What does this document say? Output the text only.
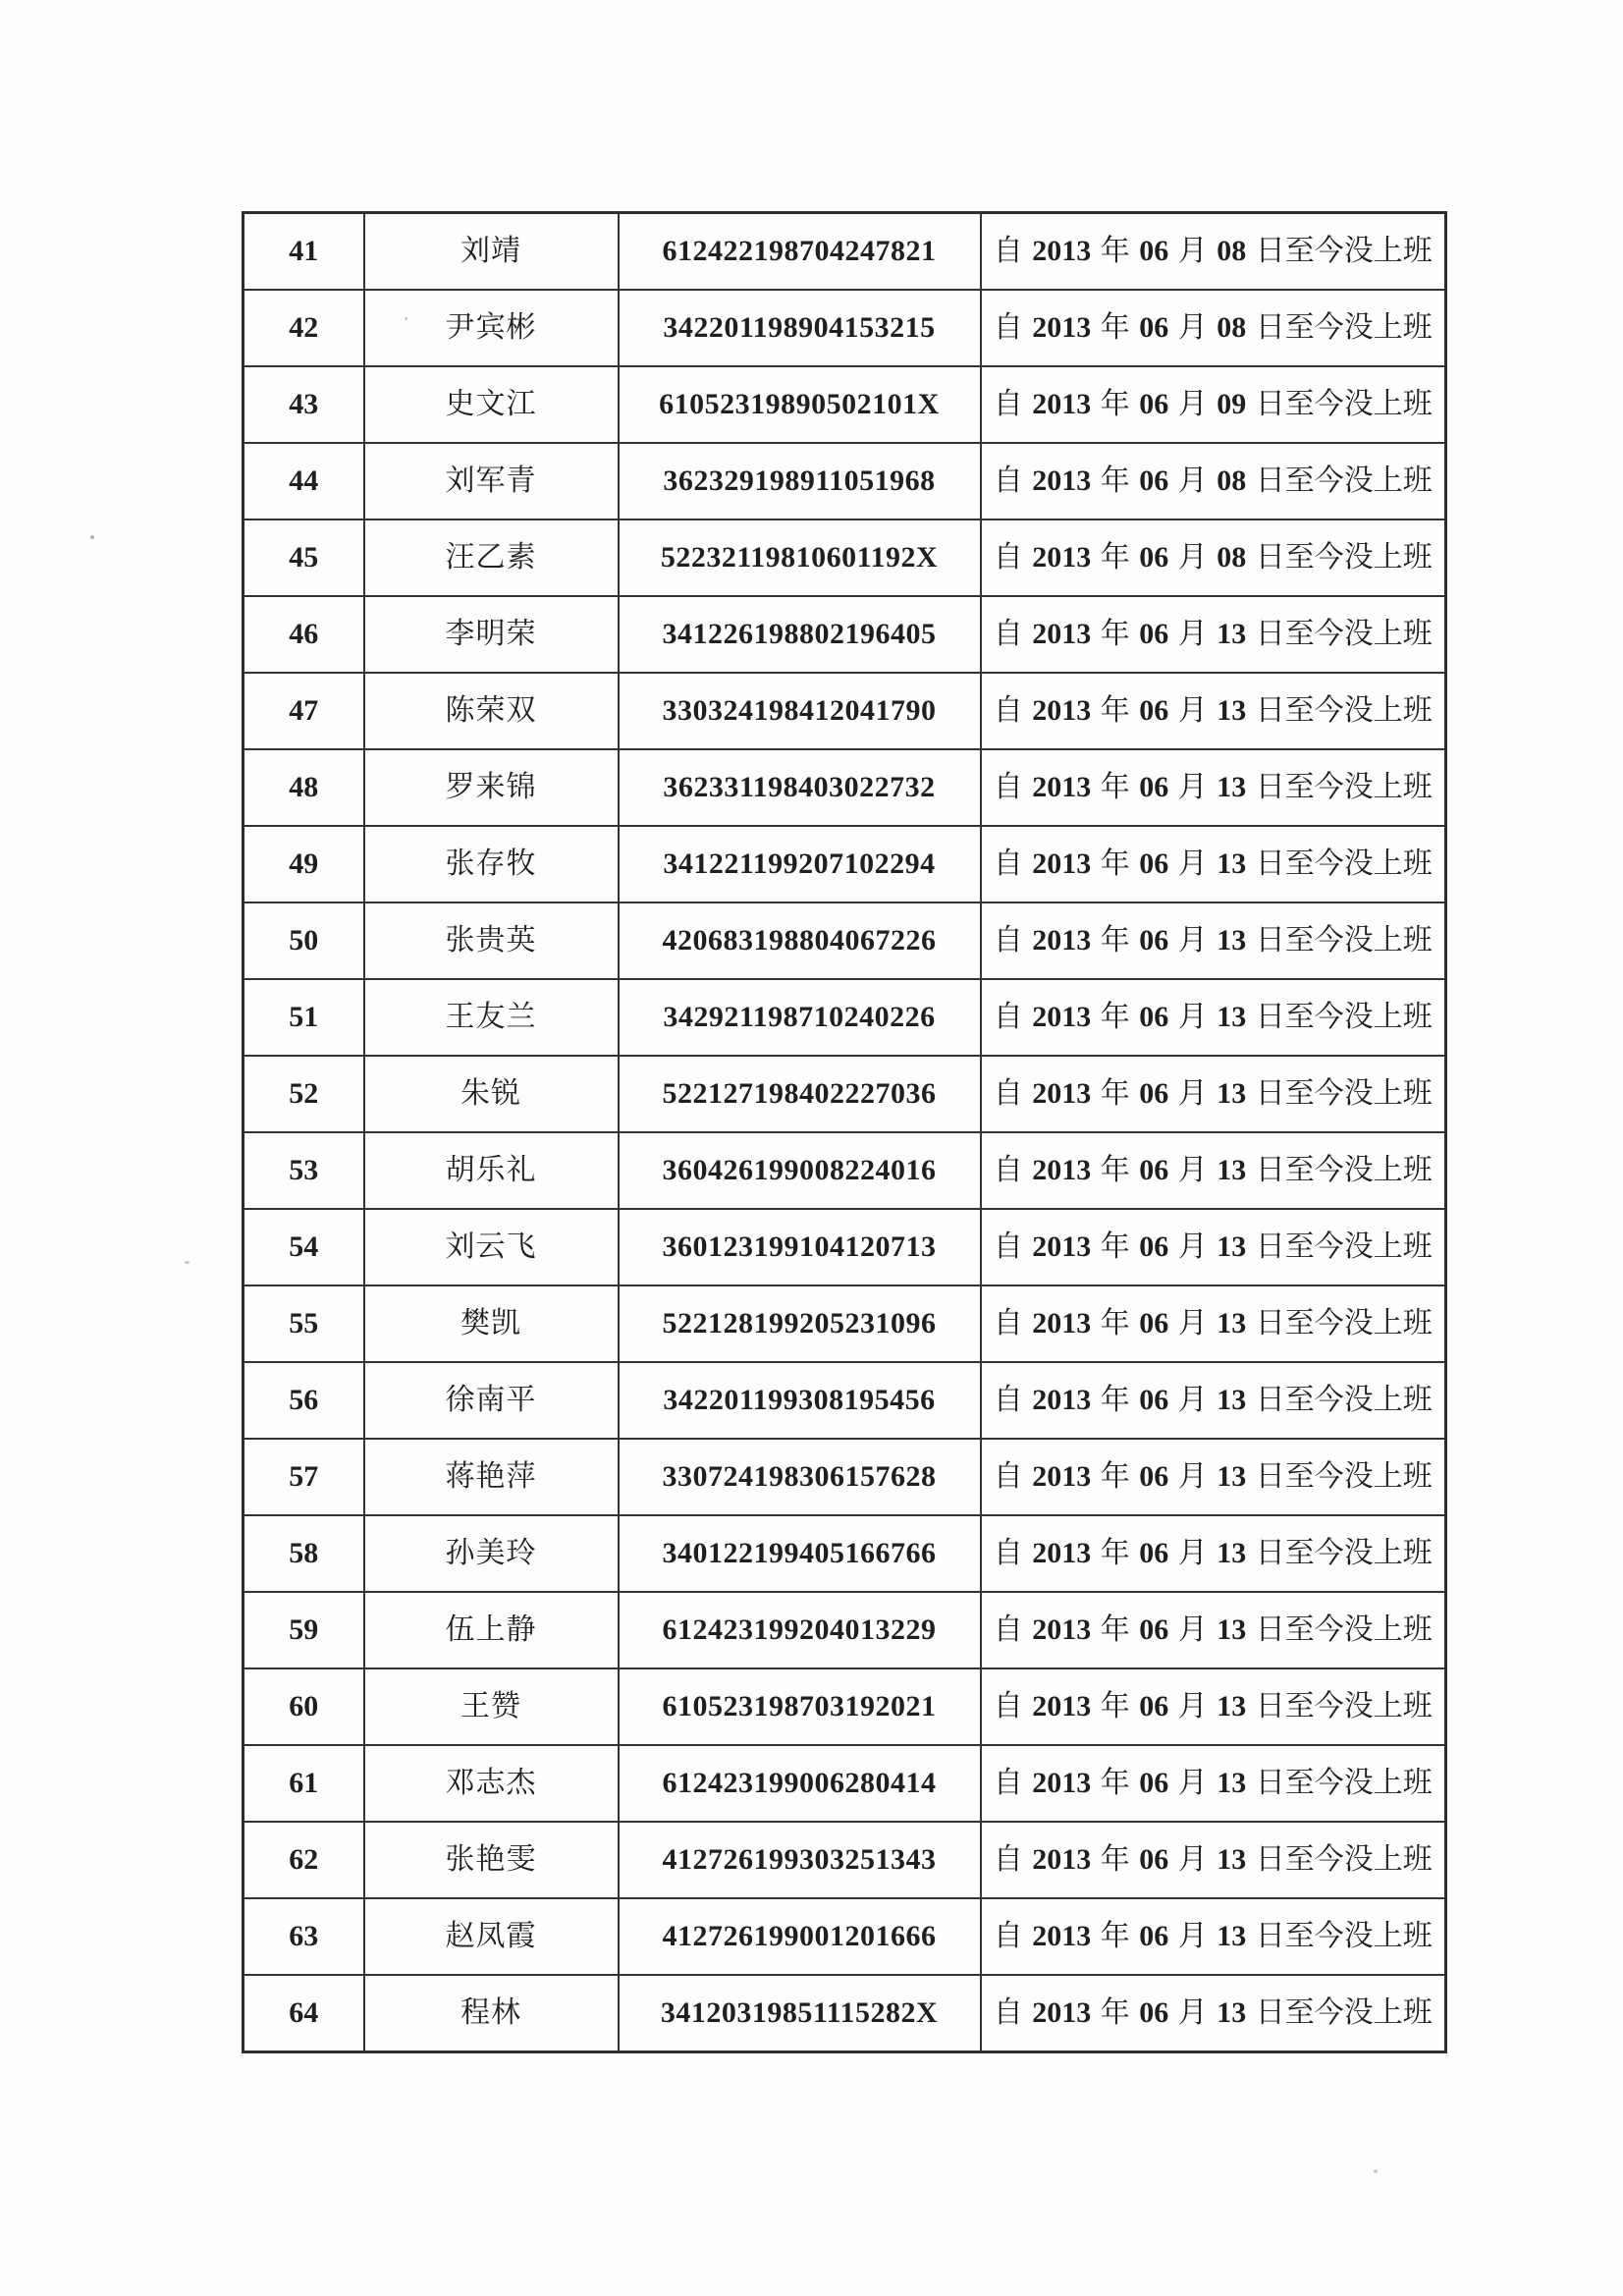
41	刘靖	612422198704247821	自 2013 年 06 月 08 日至今没上班
42	尹宾彬	342201198904153215	自 2013 年 06 月 08 日至今没上班
43	史文江	61052319890502101X	自 2013 年 06 月 09 日至今没上班
44	刘军青	362329198911051968	自 2013 年 06 月 08 日至今没上班
45	汪乙素	52232119810601192X	自 2013 年 06 月 08 日至今没上班
46	李明荣	341226198802196405	自 2013 年 06 月 13 日至今没上班
47	陈荣双	330324198412041790	自 2013 年 06 月 13 日至今没上班
48	罗来锦	362331198403022732	自 2013 年 06 月 13 日至今没上班
49	张存牧	341221199207102294	自 2013 年 06 月 13 日至今没上班
50	张贵英	420683198804067226	自 2013 年 06 月 13 日至今没上班
51	王友兰	342921198710240226	自 2013 年 06 月 13 日至今没上班
52	朱锐	522127198402227036	自 2013 年 06 月 13 日至今没上班
53	胡乐礼	360426199008224016	自 2013 年 06 月 13 日至今没上班
54	刘云飞	360123199104120713	自 2013 年 06 月 13 日至今没上班
55	樊凯	522128199205231096	自 2013 年 06 月 13 日至今没上班
56	徐南平	342201199308195456	自 2013 年 06 月 13 日至今没上班
57	蒋艳萍	330724198306157628	自 2013 年 06 月 13 日至今没上班
58	孙美玲	340122199405166766	自 2013 年 06 月 13 日至今没上班
59	伍上静	612423199204013229	自 2013 年 06 月 13 日至今没上班
60	王赞	610523198703192021	自 2013 年 06 月 13 日至今没上班
61	邓志杰	612423199006280414	自 2013 年 06 月 13 日至今没上班
62	张艳雯	412726199303251343	自 2013 年 06 月 13 日至今没上班
63	赵凤霞	412726199001201666	自 2013 年 06 月 13 日至今没上班
64	程林	34120319851115282X	自 2013 年 06 月 13 日至今没上班
